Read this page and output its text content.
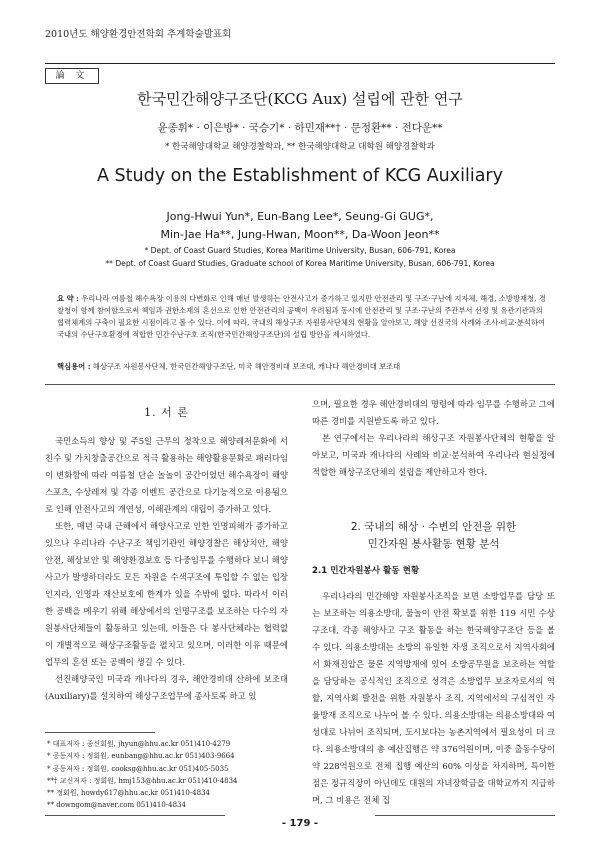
2010년도 해양환경안전학회 추계학술발표회
論 文
한국민간해양구조단(KCG Aux) 설립에 관한 연구
윤종휘* · 이은방* · 국승기* · 하민재**† · 문정환** · 전다운**
* 한국해양대학교 해양경찰학과, ** 한국해양대학교 대학원 해양경찰학과
A Study on the Establishment of KCG Auxiliary
Jong-Hwui Yun*, Eun-Bang Lee*, Seung-Gi GUG*,
Min-Jae Ha**, Jung-Hwan, Moon**, Da-Woon Jeon**
* Dept. of Coast Guard Studies, Korea Maritime University, Busan, 606-791, Korea
** Dept. of Coast Guard Studies, Graduate school of Korea Maritime University, Busan, 606-791, Korea
요 약 : 우리나라 여름철 해수욕장 이용의 다변화로 인해 매년 발생하는 안전사고가 증가하고 있지만 안전관리 및 구조·구난에 지자체, 해경, 소방방재청, 경찰청이 함께 참여함으로써 책임과 권한소재의 혼선으로 인한 안전관리의 공백이 우려됨과 동시에 안전관리 및 구조·구난의 주관부서 선정 및 유관기관과의 협력체계의 구축이 필요한 시점이라고 볼 수 있다. 이에 따라, 국내의 해상구조 자원봉사단체의 현황을 알아보고, 해양 선진국의 사례와 조사·비교·분석하여 국내의 수난구호환경에 적합한 민간수난구호 조직(한국민간해양구조단)의 설립 방안을 제시하였다.
핵심용어 : 해상구조 자원봉사단체, 한국민간해양구조단, 미국 해안경비대 보조대, 캐나다 해안경비대 보조대
1. 서 론

국민소득의 향상 및 주5일 근무의 정착으로 해양레저문화에 서 친수 및 가치창출공간으로 적극 활용하는 해양활용문화로 패러다임이 변화함에 따라 여름철 단순 놀놀이 공간이었던 해수욕장이 해양스포츠, 수상레저 및 각종 이벤트 공간으로 다기능적으로 이용됨으로 인해 안전사고의 개연성, 이해관계의 대립이 증가하고 있다.

또한, 매년 국내 근해에서 해양사고로 인한 인명피해가 증가하고 있으나 우리나라 수난구조 책임기관인 해양경찰은 해상치안, 해양안전, 해상보안 및 해양환경보호 등 다중임무를 수행하다 보니 해양사고가 발생하더라도 모든 자원을 수색구조에 투입할 수 없는 입장인지라, 인명과 재산보호에 한계가 있을 수밖에 없다. 따라서 이러한 공백을 메우기 위해 해상에서의 인명구조를 보조하는 다수의 자원봉사단체들이 활동하고 있는데, 이들은 다 봉사단체라는 협력없이 개별적으로 해상구조활동을 펼치고 있으며, 이러한 이유 때문에 업무의 혼선 또는 공백이 생길 수 있다.

선진해양국인 미국과 캐나다의 경우, 해안경비대 산하에 보조대(Auxiliary)를 설치하여 해상구조업무에 종사토록 하고 있

으며, 필요한 경우 해안경비대의 명령에 따라 임무를 수행하고 그에 따른 경비를 지원받도록 하고 있다.

본 연구에서는 우리나라의 해상구조 자원봉사단체의 현황을 알아보고, 미국과 캐나다의 사례와 비교·분석하여 우리나라 현실정에 적합한 해상구조단체의 설립을 제안하고자 한다.

2. 국내의 해상 · 수변의 안전을 위한
민간자원 봉사활동 현황 분석
2.1 민간자원봉사 활동 현황

우리나라의 민간해양 자원봉사조직을 보면 소방업무를 담당 또는 보조하는 의용소방대, 물놀이 안전 확보를 위한 119 시민 수상구조대, 각종 해양사고 구조 활동을 하는 한국해양구조단 등을 볼 수 있다. 의용소방대는 소방의 유일한 자생 조직으로서 지역사회에서 화재진압은 물론 지역방재에 있어 소방공무원을 보조하는 역할을 담당하는 공식적인 조직으로 성격은 소방업무 보조자로서의 역할, 지역사회 발전을 위한 자원봉사 조직, 지역에서의 구심적인 자율방재 조직으로 나누어 볼 수 있다. 의용소방대는 의용소방대와 여성대로 나뉘어 조직되며, 도시보다는 농촌지역에서 필요성이 더 크다. 의용소방대의 총 예산집행은 약 376억원이며, 이중 출동수당이 약 228억원으로 전체 집행 예산의 60% 이상을 차지하며, 특이한 점은 정규직장이 아닌데도 대원의 자녀장학금을 대학교까지 지급하며, 그 비용은 전체 집

* 대표저자 : 종신회원, jhyun@hhu.ac.kr 051)410-4279
* 공동저자 : 정회원, eunbang@hhu.ac.kr 051)403-9664
* 공동저자 : 정회원, cooksg@hhu.ac.kr 051)405-5035
**† 교신저자 : 정회원, hmj153@hhu.ac.kr 051)410-4834
** 정회원, howdy617@hhu.ac.kr 051)410-4834
** downgom@naver.com 051)410-4834
- 179 -
